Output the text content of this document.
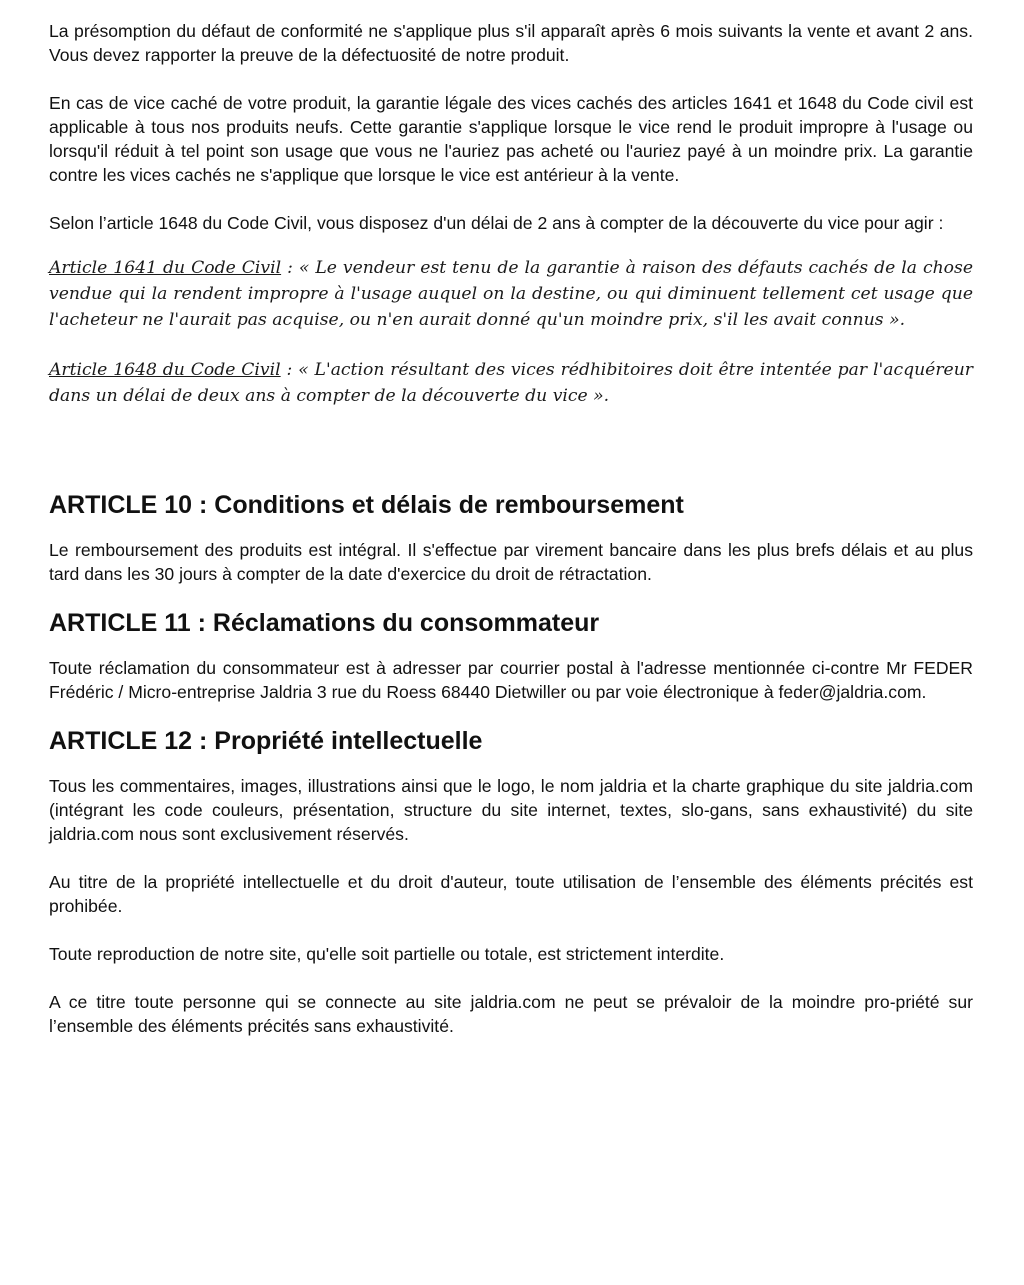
La présomption du défaut de conformité ne s'applique plus s'il apparaît après 6 mois suivants la vente et avant 2 ans. Vous devez rapporter la preuve de la défectuosité de notre produit.

En cas de vice caché de votre produit, la garantie légale des vices cachés des articles 1641 et 1648 du Code civil est applicable à tous nos produits neufs. Cette garantie s'applique lorsque le vice rend le produit impropre à l'usage ou lorsqu'il réduit à tel point son usage que vous ne l'auriez pas acheté ou l'auriez payé à un moindre prix. La garantie contre les vices cachés ne s'applique que lorsque le vice est antérieur à la vente.

Selon l’article 1648 du Code Civil, vous disposez d'un délai de 2 ans à compter de la découverte du vice pour agir :

Article 1641 du Code Civil : « Le vendeur est tenu de la garantie à raison des défauts cachés de la chose vendue qui la rendent impropre à l'usage auquel on la destine, ou qui diminuent tellement cet usage que l'acheteur ne l'aurait pas acquise, ou n'en aurait donné qu'un moindre prix, s'il les avait connus ».

Article 1648 du Code Civil : « L'action résultant des vices rédhibitoires doit être intentée par l'acquéreur dans un délai de deux ans à compter de la découverte du vice ».

ARTICLE 10 : Conditions et délais de remboursement

Le remboursement des produits est intégral. Il s'effectue par virement bancaire dans les plus brefs délais et au plus tard dans les 30 jours à compter de la date d'exercice du droit de rétractation.

ARTICLE 11 : Réclamations du consommateur

Toute réclamation du consommateur est à adresser par courrier postal à l'adresse mentionnée ci-contre Mr FEDER Frédéric / Micro-entreprise Jaldria 3 rue du Roess 68440 Dietwiller ou par voie électronique à feder@jaldria.com.

ARTICLE 12 : Propriété intellectuelle

Tous les commentaires, images, illustrations ainsi que le logo, le nom jaldria et la charte graphique du site jaldria.com (intégrant les code couleurs, présentation, structure du site internet, textes, slo-gans, sans exhaustivité) du site jaldria.com nous sont exclusivement réservés.

Au titre de la propriété intellectuelle et du droit d'auteur, toute utilisation de l’ensemble des éléments précités est prohibée.

Toute reproduction de notre site, qu'elle soit partielle ou totale, est strictement interdite.

A ce titre toute personne qui se connecte au site jaldria.com ne peut se prévaloir de la moindre pro-priété sur l’ensemble des éléments précités sans exhaustivité.
